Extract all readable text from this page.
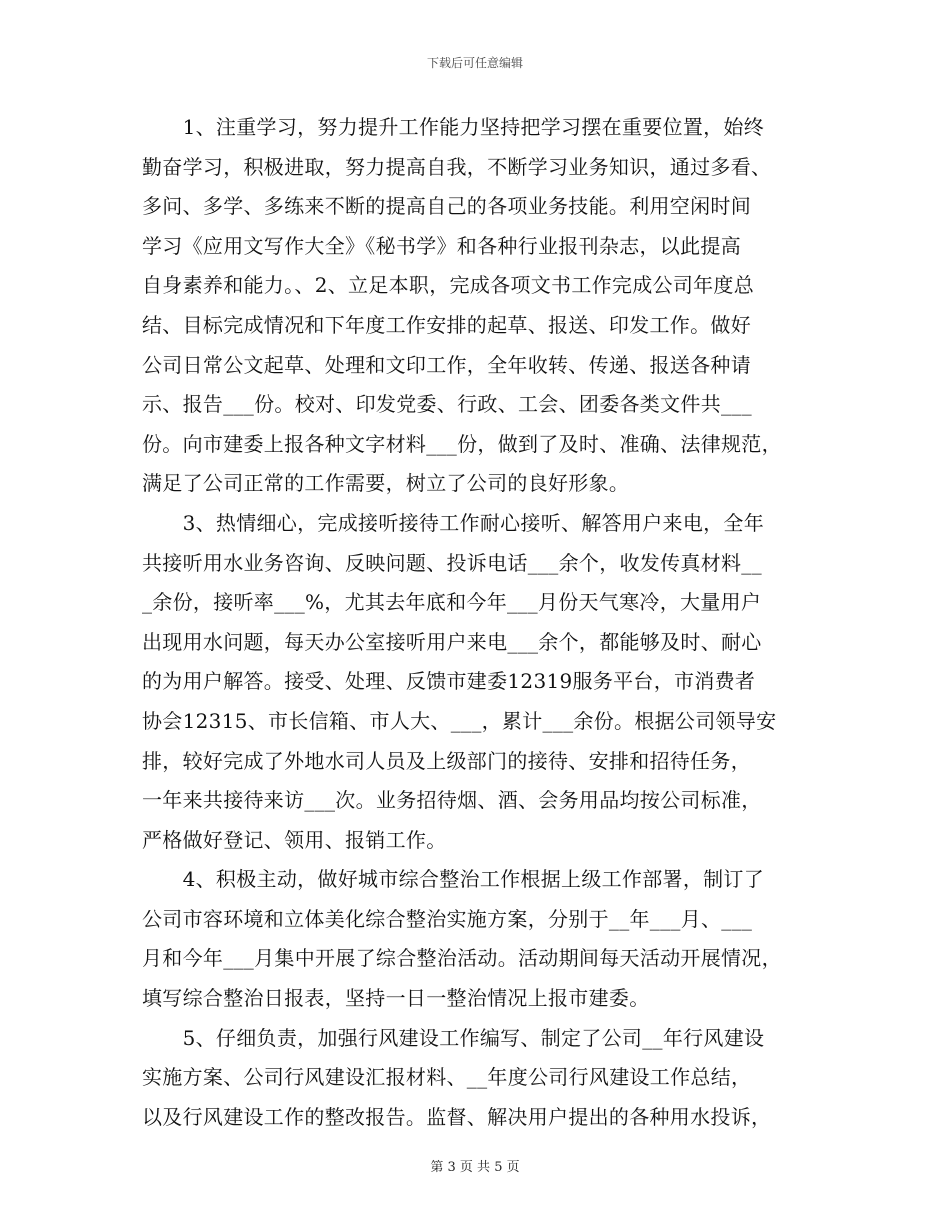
下载后可任意编辑
　　1、注重学习，努力提升工作能力坚持把学习摆在重要位置，始终
勤奋学习，积极进取，努力提高自我，不断学习业务知识，通过多看、
多问、多学、多练来不断的提高自己的各项业务技能。利用空闲时间
学习《应用文写作大全》《秘书学》和各种行业报刊杂志，以此提高
自身素养和能力。、2、立足本职，完成各项文书工作完成公司年度总
结、目标完成情况和下年度工作安排的起草、报送、印发工作。做好
公司日常公文起草、处理和文印工作，全年收转、传递、报送各种请
示、报告___份。校对、印发党委、行政、工会、团委各类文件共___
份。向市建委上报各种文字材料___份，做到了及时、准确、法律规范，
满足了公司正常的工作需要，树立了公司的良好形象。
　　3、热情细心，完成接听接待工作耐心接听、解答用户来电，全年
共接听用水业务咨询、反映问题、投诉电话___余个，收发传真材料__
_余份，接听率___%，尤其去年底和今年___月份天气寒冷，大量用户
出现用水问题，每天办公室接听用户来电___余个，都能够及时、耐心
的为用户解答。接受、处理、反馈市建委12319服务平台，市消费者
协会12315、市长信箱、市人大、___，累计___余份。根据公司领导安
排，较好完成了外地水司人员及上级部门的接待、安排和招待任务，
一年来共接待来访___次。业务招待烟、酒、会务用品均按公司标准，
严格做好登记、领用、报销工作。
　　4、积极主动，做好城市综合整治工作根据上级工作部署，制订了
公司市容环境和立体美化综合整治实施方案，分别于__年___月、___
月和今年___月集中开展了综合整治活动。活动期间每天活动开展情况，
填写综合整治日报表，坚持一日一整治情况上报市建委。
　　5、仔细负责，加强行风建设工作编写、制定了公司__年行风建设
实施方案、公司行风建设汇报材料、__年度公司行风建设工作总结，
以及行风建设工作的整改报告。监督、解决用户提出的各种用水投诉，
第 3 页 共 5 页
